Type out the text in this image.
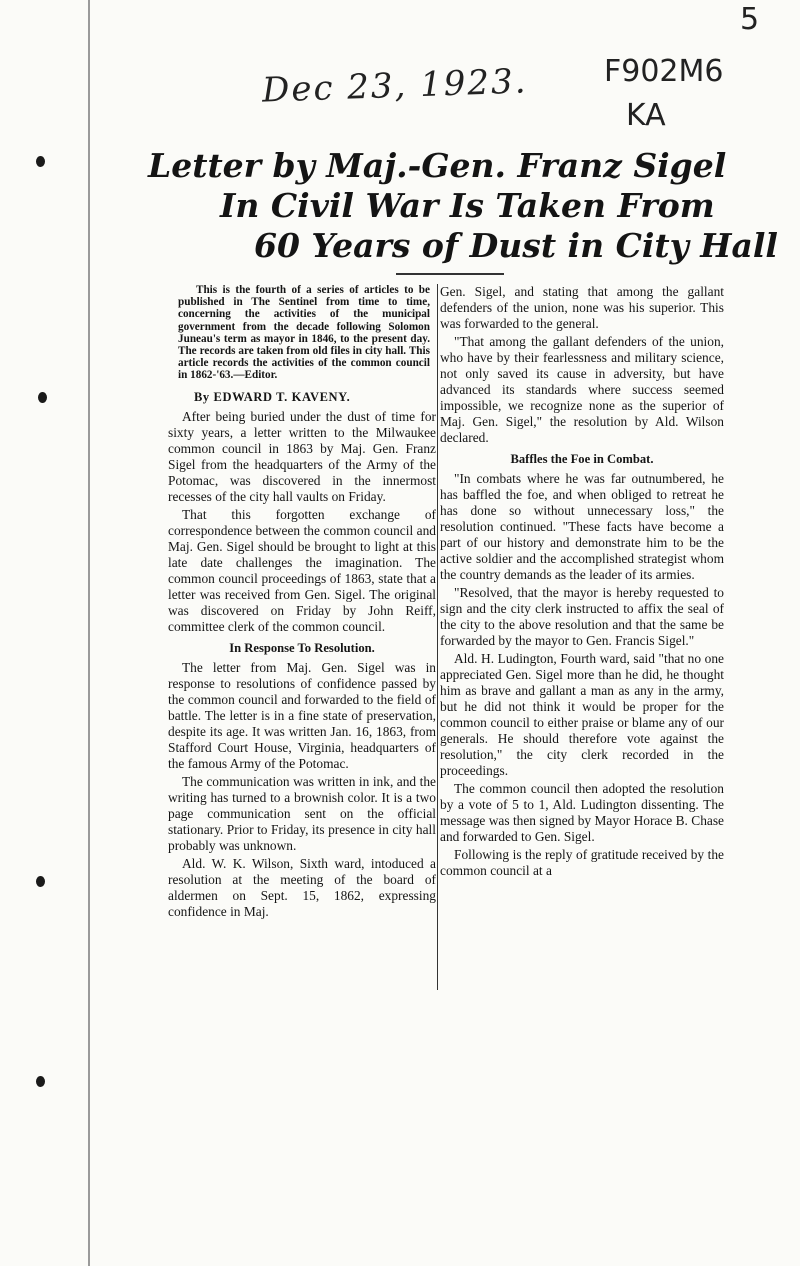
5
Dec 23, 1923.	F902M6
KA
Letter by Maj.-Gen. Franz Sigel
In Civil War Is Taken From
60 Years of Dust in City Hall

This is the fourth of a series of articles to be published in The Sentinel from time to time, concerning the activities of the municipal government from the decade following Solomon Juneau's term as mayor in 1846, to the present day. The records are taken from old files in city hall. This article records the activities of the common council in 1862-'63.—Editor.

By EDWARD T. KAVENY.

After being buried under the dust of time for sixty years, a letter written to the Milwaukee common council in 1863 by Maj. Gen. Franz Sigel from the headquarters of the Army of the Potomac, was discovered in the innermost recesses of the city hall vaults on Friday.

That this forgotten exchange of correspondence between the common council and Maj. Gen. Sigel should be brought to light at this late date challenges the imagination. The common council proceedings of 1863, state that a letter was received from Gen. Sigel. The original was discovered on Friday by John Reiff, committee clerk of the common council.

In Response To Resolution.

The letter from Maj. Gen. Sigel was in response to resolutions of confidence passed by the common council and forwarded to the field of battle. The letter is in a fine state of preservation, despite its age. It was written Jan. 16, 1863, from Stafford Court House, Virginia, headquarters of the famous Army of the Potomac.

The communication was written in ink, and the writing has turned to a brownish color. It is a two page communication sent on the official stationary. Prior to Friday, its presence in city hall probably was unknown.

Ald. W. K. Wilson, Sixth ward, intoduced a resolution at the meeting of the board of aldermen on Sept. 15, 1862, expressing confidence in Maj.

Gen. Sigel, and stating that among the gallant defenders of the union, none was his superior. This was forwarded to the general.

"That among the gallant defenders of the union, who have by their fearlessness and military science, not only saved its cause in adversity, but have advanced its standards where success seemed impossible, we recognize none as the superior of Maj. Gen. Sigel," the resolution by Ald. Wilson declared.

Baffles the Foe in Combat.

"In combats where he was far outnumbered, he has baffled the foe, and when obliged to retreat he has done so without unnecessary loss," the resolution continued. "These facts have become a part of our history and demonstrate him to be the active soldier and the accomplished strategist whom the country demands as the leader of its armies.

"Resolved, that the mayor is hereby requested to sign and the city clerk instructed to affix the seal of the city to the above resolution and that the same be forwarded by the mayor to Gen. Francis Sigel."

Ald. H. Ludington, Fourth ward, said "that no one appreciated Gen. Sigel more than he did, he thought him as brave and gallant a man as any in the army, but he did not think it would be proper for the common council to either praise or blame any of our generals. He should therefore vote against the resolution," the city clerk recorded in the proceedings.

The common council then adopted the resolution by a vote of 5 to 1, Ald. Ludington dissenting. The message was then signed by Mayor Horace B. Chase and forwarded to Gen. Sigel.

Following is the reply of gratitude received by the common council at a
